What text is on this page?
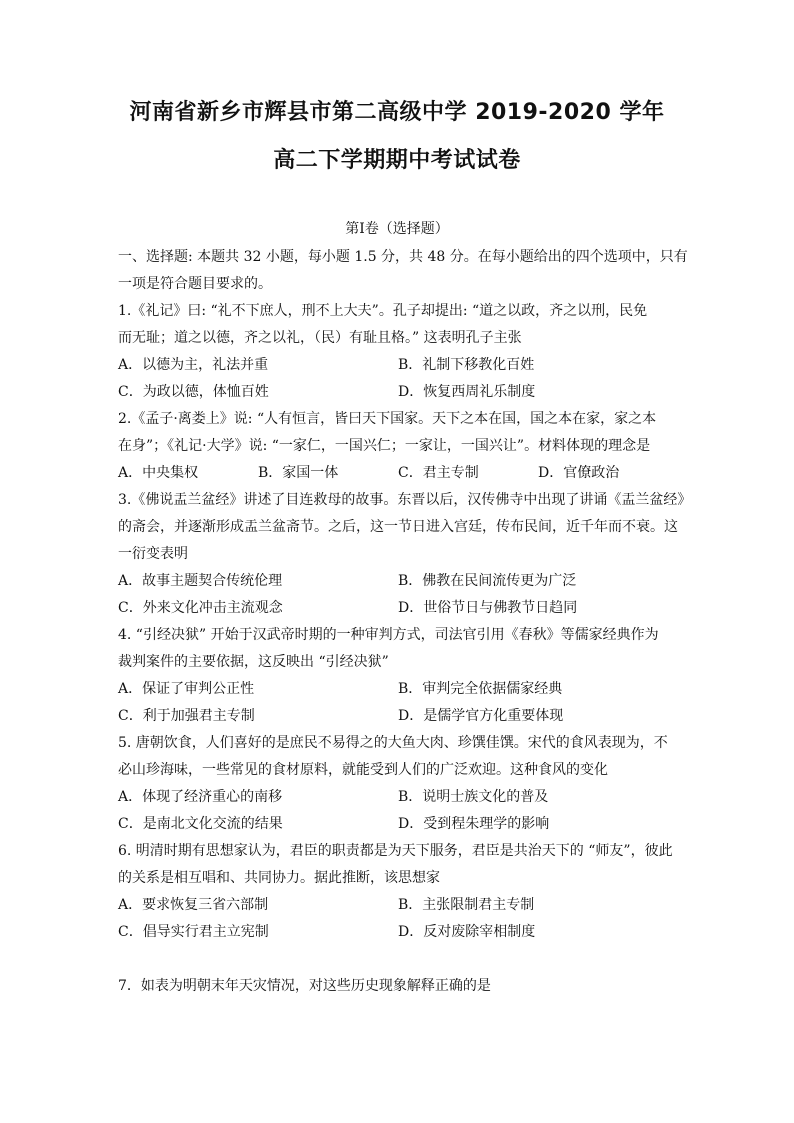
河南省新乡市辉县市第二高级中学 2019-2020 学年
高二下学期期中考试试卷
第Ⅰ卷（选择题）

一、选择题: 本题共 32 小题，每小题 1.5 分，共 48 分。在每小题给出的四个选项中，只有

一项是符合题目要求的。

1.《礼记》曰: “礼不下庶人，刑不上大夫”。孔子却提出: “道之以政，齐之以刑，民免

而无耻；道之以德，齐之以礼，（民）有耻且格。” 这表明孔子主张

A．以德为主，礼法并重	B．礼制下移教化百姓
C．为政以德，体恤百姓	D．恢复西周礼乐制度

2.《孟子·离娄上》说: “人有恒言，皆曰天下国家。天下之本在国，国之本在家，家之本

在身”；《礼记·大学》说: “一家仁，一国兴仁；一家让，一国兴让”。材料体现的理念是

A．中央集权	B．家国一体	C．君主专制	D．官僚政治

3.《佛说盂兰盆经》讲述了目连救母的故事。东晋以后，汉传佛寺中出现了讲诵《盂兰盆经》

的斋会，并逐渐形成盂兰盆斋节。之后，这一节日进入宫廷，传布民间，近千年而不衰。这

一衍变表明

A．故事主题契合传统伦理	B．佛教在民间流传更为广泛
C．外来文化冲击主流观念	D．世俗节日与佛教节日趋同

4. “引经决狱” 开始于汉武帝时期的一种审判方式，司法官引用《春秋》等儒家经典作为

裁判案件的主要依据，这反映出 “引经决狱”

A．保证了审判公正性	B．审判完全依据儒家经典
C．利于加强君主专制	D．是儒学官方化重要体现

5. 唐朝饮食，人们喜好的是庶民不易得之的大鱼大肉、珍馔佳馔。宋代的食风表现为，不

必山珍海味，一些常见的食材原料，就能受到人们的广泛欢迎。这种食风的变化

A．体现了经济重心的南移	B．说明士族文化的普及
C．是南北文化交流的结果	D．受到程朱理学的影响

6. 明清时期有思想家认为，君臣的职责都是为天下服务，君臣是共治天下的 “师友”，彼此

的关系是相互唱和、共同协力。据此推断，该思想家

A．要求恢复三省六部制	B．主张限制君主专制
C．倡导实行君主立宪制	D．反对废除宰相制度

7．如表为明朝末年天灾情况，对这些历史现象解释正确的是
